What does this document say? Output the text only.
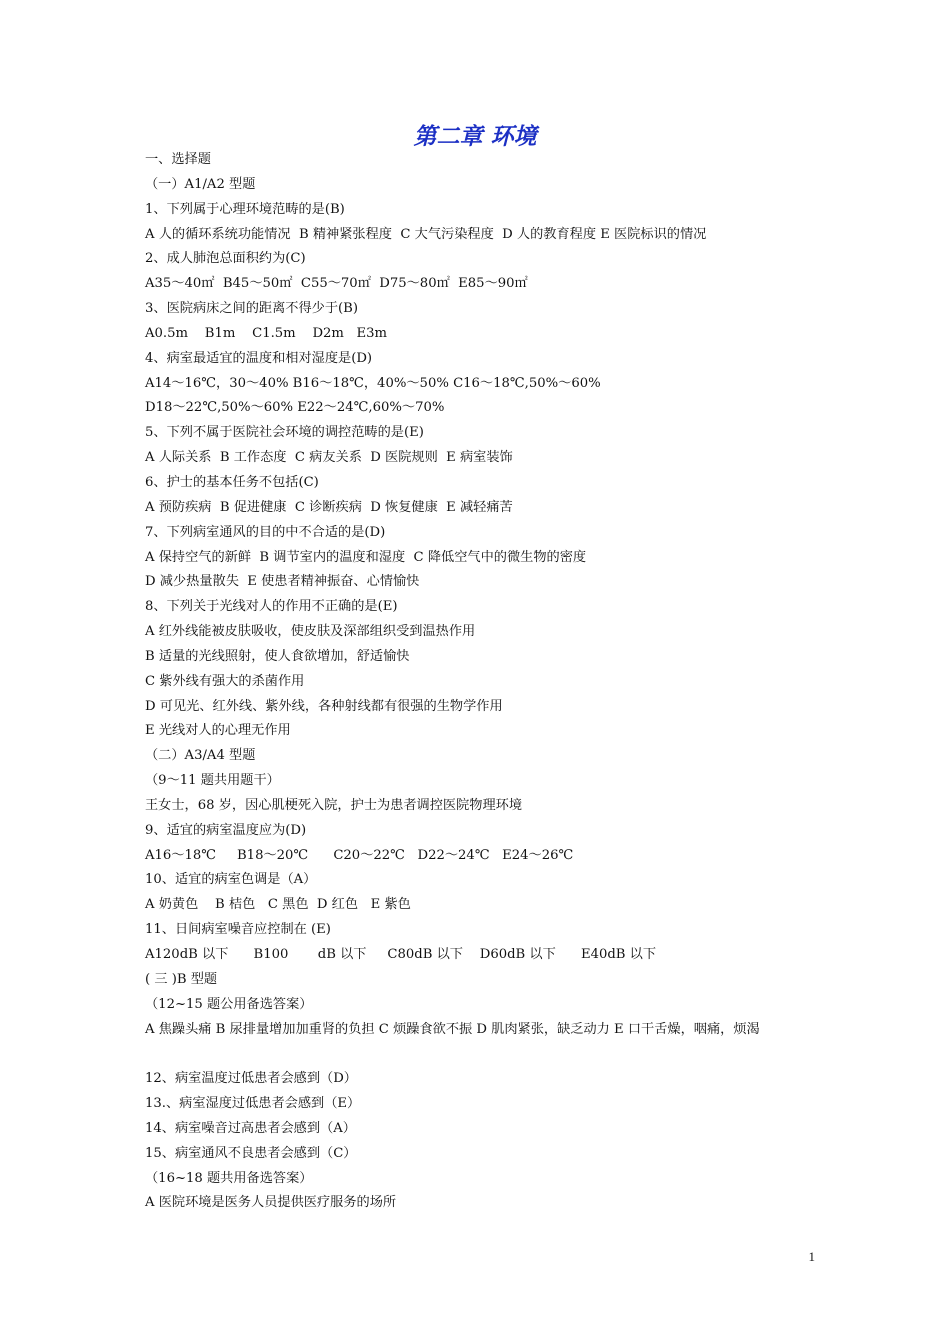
第二章 环境
一、选择题
（一）A1/A2 型题
1、下列属于心理环境范畴的是(B)
A 人的循环系统功能情况  B 精神紧张程度  C 大气污染程度  D 人的教育程度 E 医院标识的情况
2、成人肺泡总面积约为(C)
A35～40㎡  B45～50㎡  C55～70㎡  D75～80㎡  E85～90㎡
3、医院病床之间的距离不得少于(B)
A0.5m    B1m    C1.5m    D2m   E3m
4、病室最适宜的温度和相对湿度是(D)
A14～16℃，30～40% B16～18℃，40%～50% C16～18℃,50%～60%
D18～22℃,50%～60% E22～24℃,60%～70%
5、下列不属于医院社会环境的调控范畴的是(E)
A 人际关系  B 工作态度  C 病友关系  D 医院规则  E 病室装饰
6、护士的基本任务不包括(C)
A 预防疾病  B 促进健康  C 诊断疾病  D 恢复健康  E 减轻痛苦
7、下列病室通风的目的中不合适的是(D)
A 保持空气的新鲜  B 调节室内的温度和湿度  C 降低空气中的微生物的密度
D 减少热量散失  E 使患者精神振奋、心情愉快
8、下列关于光线对人的作用不正确的是(E)
A 红外线能被皮肤吸收，使皮肤及深部组织受到温热作用
B 适量的光线照射，使人食欲增加，舒适愉快
C 紫外线有强大的杀菌作用
D 可见光、红外线、紫外线，各种射线都有很强的生物学作用
E 光线对人的心理无作用
（二）A3/A4 型题
（9～11 题共用题干）
王女士，68 岁，因心肌梗死入院，护士为患者调控医院物理环境
9、适宜的病室温度应为(D)
A16～18℃     B18～20℃      C20～22℃   D22～24℃   E24～26℃
10、适宜的病室色调是（A）
A 奶黄色    B 桔色   C 黑色  D 红色   E 紫色
11、日间病室噪音应控制在 (E)
A120dB 以下      B100       dB 以下     C80dB 以下    D60dB 以下      E40dB 以下
( 三 )B 型题
（12~15 题公用备选答案）
A 焦躁头痛 B 尿排量增加加重肾的负担 C 烦躁食欲不振 D 肌肉紧张，缺乏动力 E 口干舌燥，咽痛，烦渴
12、病室温度过低患者会感到（D）
13.、病室湿度过低患者会感到（E）
14、病室噪音过高患者会感到（A）
15、病室通风不良患者会感到（C）
（16~18 题共用备选答案）
A 医院环境是医务人员提供医疗服务的场所
1
